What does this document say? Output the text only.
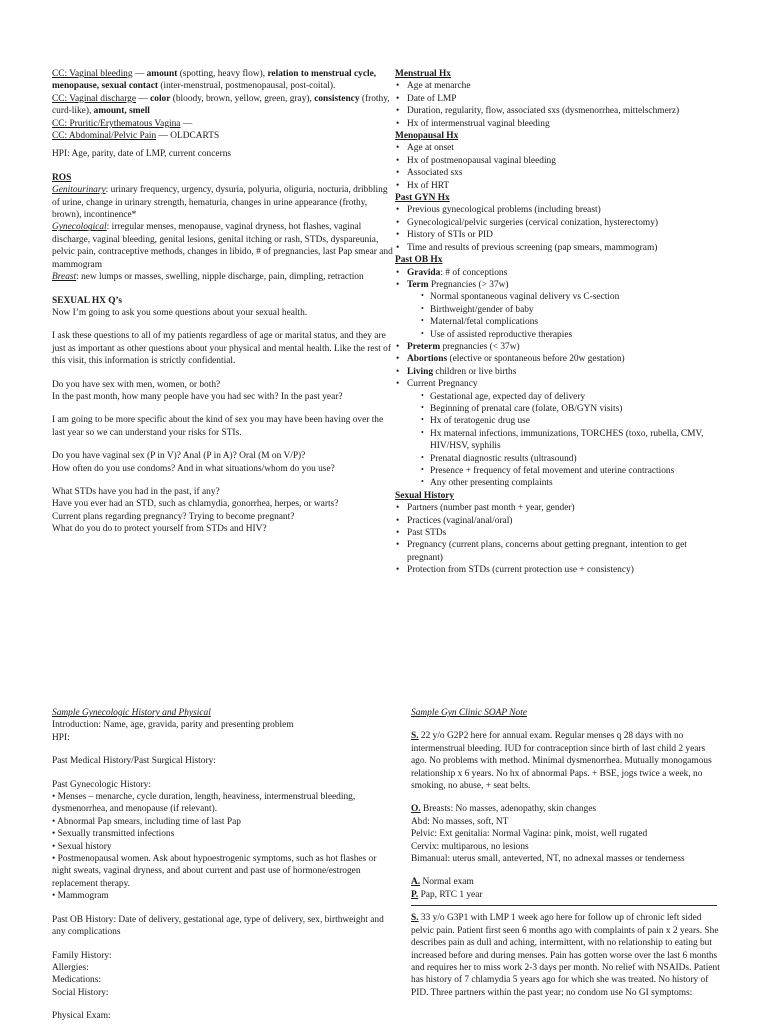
CC: Vaginal bleeding — amount (spotting, heavy flow), relation to menstrual cycle, menopause, sexual contact (inter-menstrual, postmenopausal, post-coital).

CC: Vaginal discharge — color (bloody, brown, yellow, green, gray), consistency (frothy, curd-like), amount, smell

CC: Pruritic/Erythematous Vagina —

CC: Abdominal/Pelvic Pain — OLDCARTS

HPI: Age, parity, date of LMP, current concerns

ROS

Genitourinary: urinary frequency, urgency, dysuria, polyuria, oliguria, nocturia, dribbling of urine, change in urinary strength, hematuria, changes in urine appearance (frothy, brown), incontinence*

Gynecological: irregular menses, menopause, vaginal dryness, hot flashes, vaginal discharge, vaginal bleeding, genital lesions, genital itching or rash, STDs, dyspareunia, pelvic pain, contraceptive methods, changes in libido, # of pregnancies, last Pap smear and mammogram

Breast: new lumps or masses, swelling, nipple discharge, pain, dimpling, retraction

SEXUAL HX Q’s

Now I’m going to ask you some questions about your sexual health.

I ask these questions to all of my patients regardless of age or marital status, and they are just as important as other questions about your physical and mental health. Like the rest of this visit, this information is strictly confidential.

Do you have sex with men, women, or both?

In the past month, how many people have you had sec with? In the past year?

I am going to be more specific about the kind of sex you may have been having over the last year so we can understand your risks for STIs.

Do you have vaginal sex (P in V)? Anal (P in A)? Oral (M on V/P)?

How often do you use condoms? And in what situations/whom do you use?

What STDs have you had in the past, if any?

Have you ever had an STD, such as chlamydia, gonorrhea, herpes, or warts?

Current plans regarding pregnancy? Trying to become pregnant?

What do you do to protect yourself from STDs and HIV?

Menstrual Hx

• Age at menarche
• Date of LMP
• Duration, regularity, flow, associated sxs (dysmenorrhea, mittelschmerz)
• Hx of intermenstrual vaginal bleeding

Menopausal Hx

• Age at onset
• Hx of postmenopausal vaginal bleeding
• Associated sxs
• Hx of HRT

Past GYN Hx

• Previous gynecological problems (including breast)
• Gynecological/pelvic surgeries (cervical conization, hysterectomy)
• History of STIs or PID
• Time and results of previous screening (pap smears, mammogram)

Past OB Hx

• Gravida: # of conceptions
• Term Pregnancies (> 37w)
• Normal spontaneous vaginal delivery vs C-section
• Birthweight/gender of baby
• Maternal/fetal complications
• Use of assisted reproductive therapies
• Preterm pregnancies (< 37w)
• Abortions (elective or spontaneous before 20w gestation)
• Living children or live births
• Current Pregnancy
• Gestational age, expected day of delivery
• Beginning of prenatal care (folate, OB/GYN visits)
• Hx of teratogenic drug use
• Hx maternal infections, immunizations, TORCHES (toxo, rubella, CMV, HIV/HSV, syphilis
• Prenatal diagnostic results (ultrasound)
• Presence + frequency of fetal movement and uterine contractions
• Any other presenting complaints

Sexual History

• Partners (number past month + year, gender)
• Practices (vaginal/anal/oral)
• Past STDs
• Pregnancy (current plans, concerns about getting pregnant, intention to get pregnant)
• Protection from STDs (current protection use + consistency)

Sample Gynecologic History and Physical

Introduction: Name, age, gravida, parity and presenting problem

HPI:

Past Medical History/Past Surgical History:

Past Gynecologic History:

• Menses – menarche, cycle duration, length, heaviness, intermenstrual bleeding, dysmenorrhea, and menopause (if relevant).

• Abnormal Pap smears, including time of last Pap

• Sexually transmitted infections

• Sexual history

• Postmenopausal women. Ask about hypoestrogenic symptoms, such as hot flashes or night sweats, vaginal dryness, and about current and past use of hormone/estrogen replacement therapy.

• Mammogram

Past OB History: Date of delivery, gestational age, type of delivery, sex, birthweight and any complications

Family History:

Allergies:

Medications:

Social History:

Physical Exam:

Sample Gyn Clinic SOAP Note

S. 22 y/o G2P2 here for annual exam. Regular menses q 28 days with no intermenstrual bleeding. IUD for contraception since birth of last child 2 years ago. No problems with method. Minimal dysmenorrhea. Mutually monogamous relationship x 6 years. No hx of abnormal Paps. + BSE, jogs twice a week, no smoking, no abuse, + seat belts.

O. Breasts: No masses, adenopathy, skin changes

Abd: No masses, soft, NT

Pelvic: Ext genitalia: Normal Vagina: pink, moist, well rugated

Cervix: multiparous, no lesions

Bimanual: uterus small, anteverted, NT, no adnexal masses or tenderness

A. Normal exam

P. Pap, RTC 1 year

S. 33 y/o G3P1 with LMP 1 week ago here for follow up of chronic left sided pelvic pain. Patient first seen 6 months ago with complaints of pain x 2 years. She describes pain as dull and aching, intermittent, with no relationship to eating but increased before and during menses. Pain has gotten worse over the last 6 months and requires her to miss work 2-3 days per month. No relief with NSAIDs. Patient has history of 7 chlamydia 5 years ago for which she was treated. No history of PID. Three partners within the past year; no condom use No GI symptoms:
